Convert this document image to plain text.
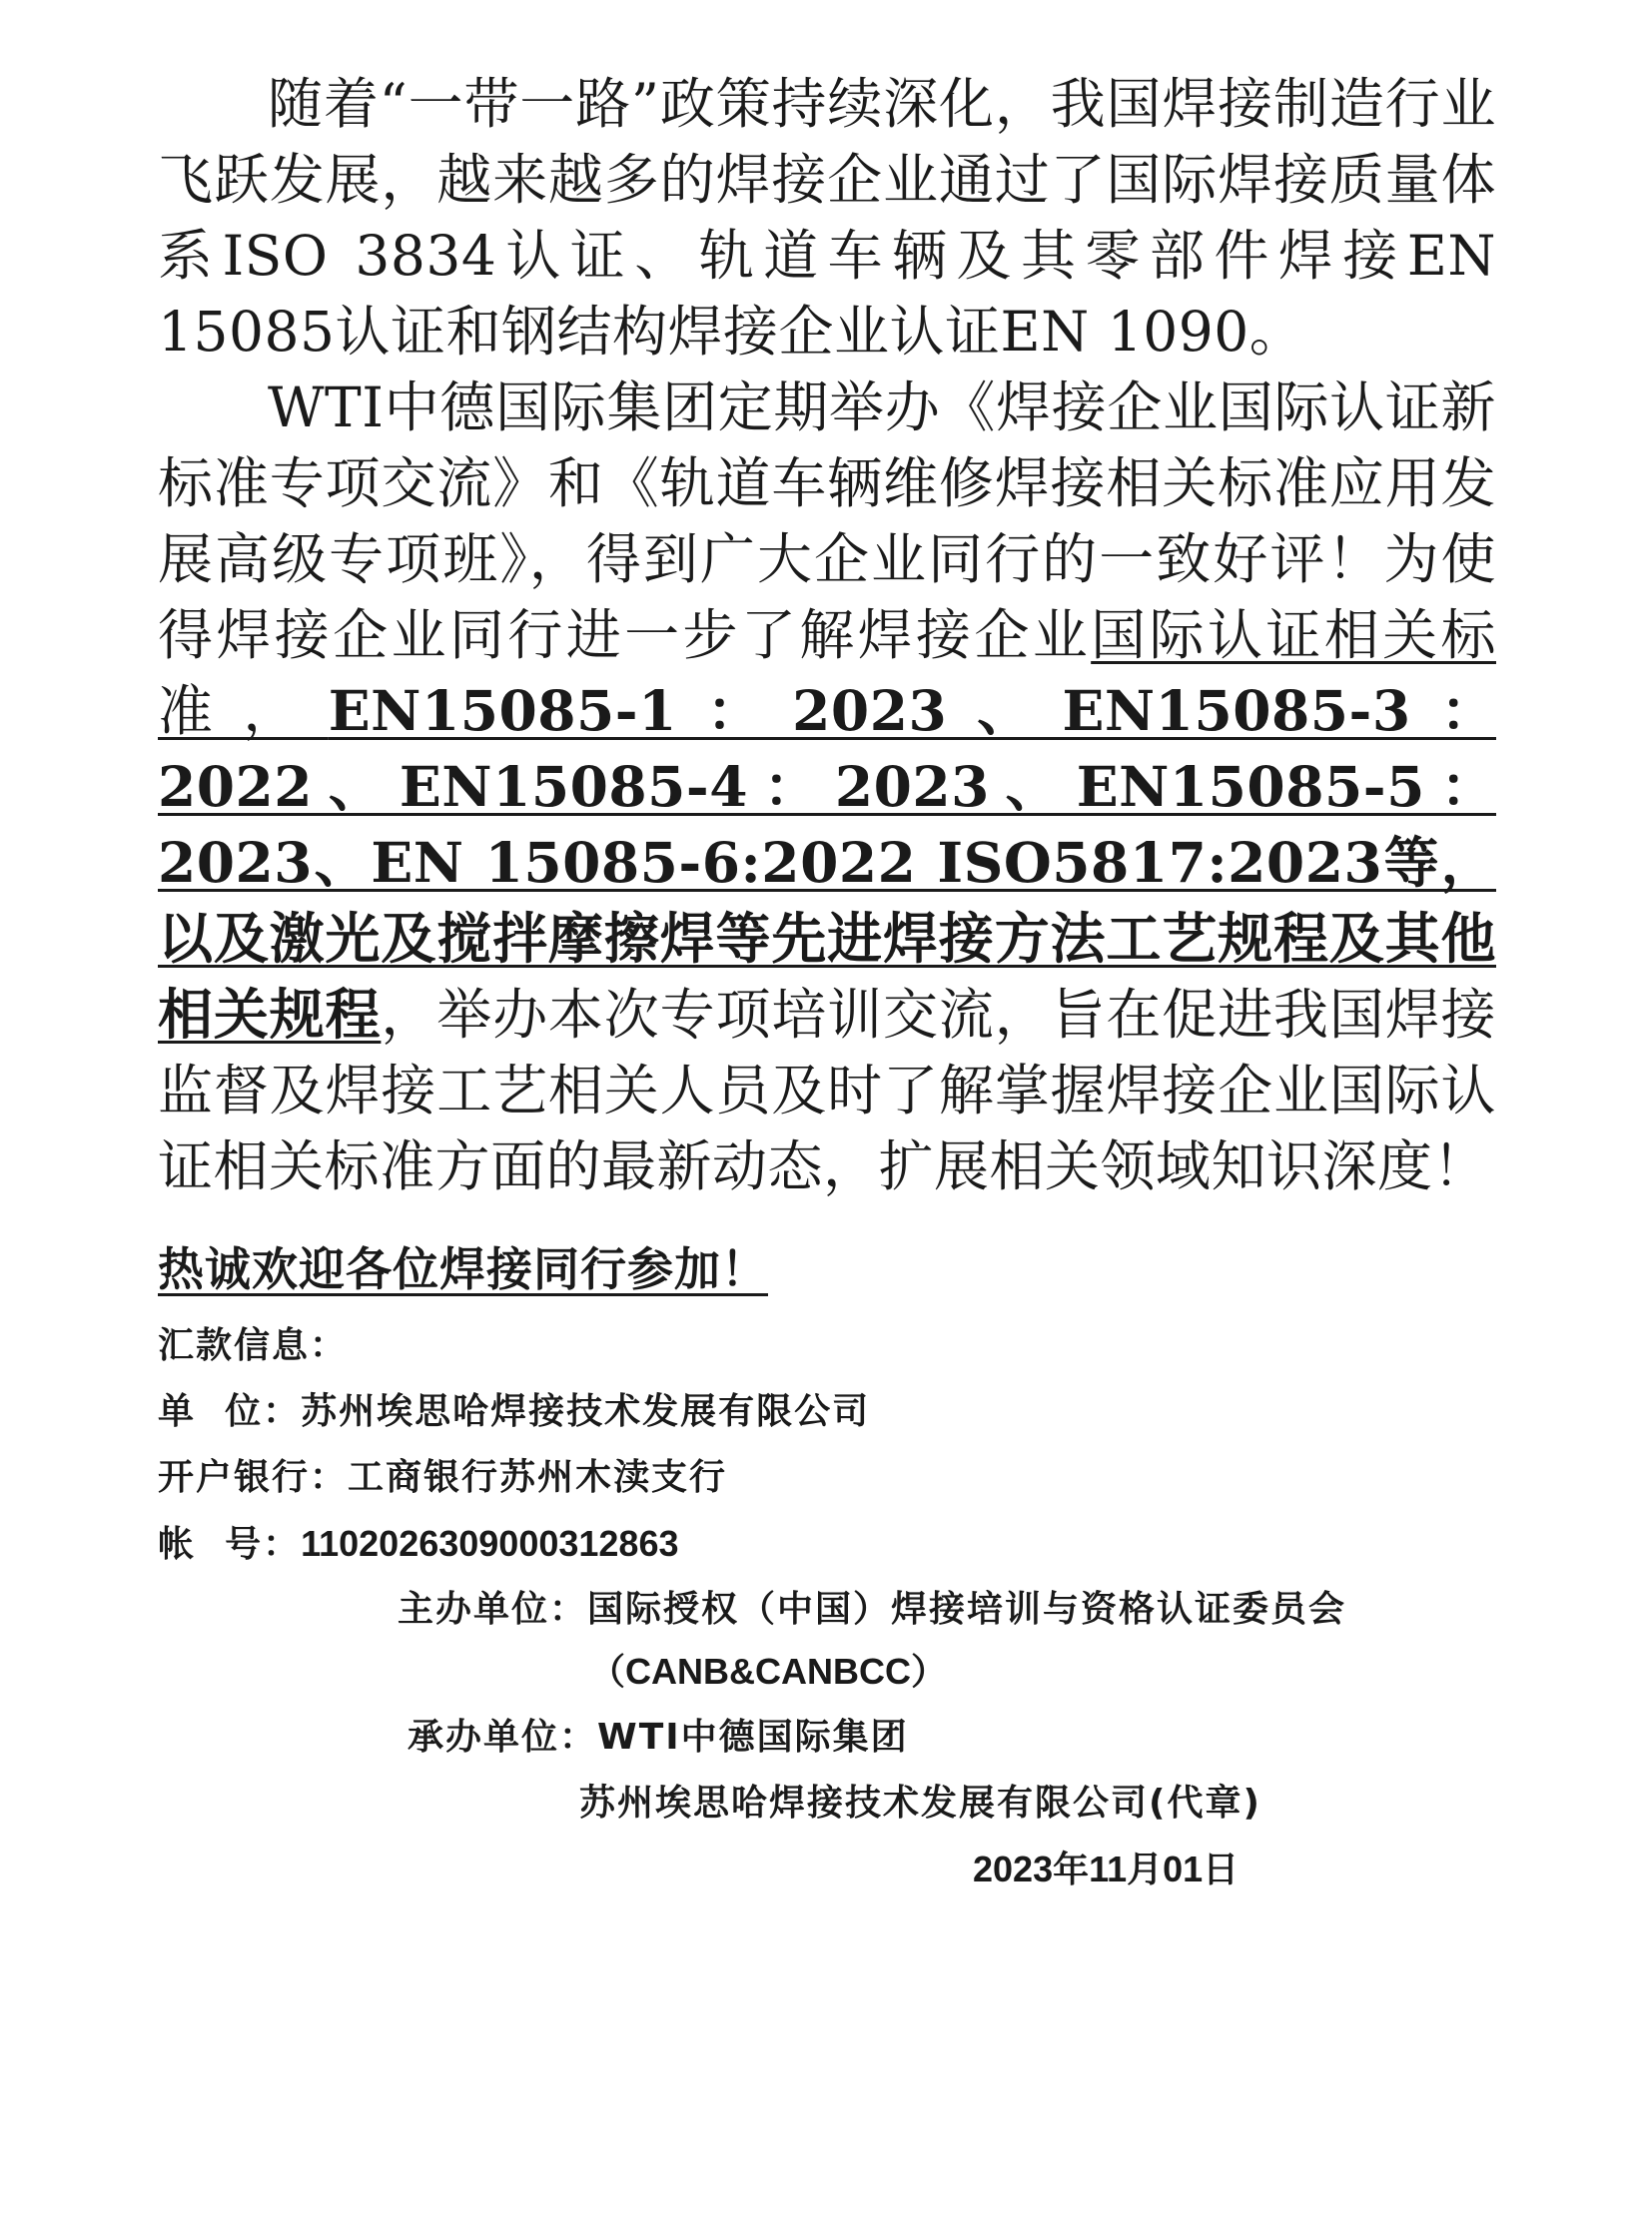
随着“一带一路”政策持续深化，我国焊接制造行业飞跃发展，越来越多的焊接企业通过了国际焊接质量体系ISO 3834认证、轨道车辆及其零部件焊接EN 15085认证和钢结构焊接企业认证EN 1090。

WTI中德国际集团定期举办《焊接企业国际认证新标准专项交流》和《轨道车辆维修焊接相关标准应用发展高级专项班》，得到广大企业同行的一致好评！为使得焊接企业同行进一步了解焊接企业国际认证相关标准，EN15085-1：2023、EN15085-3：2022、EN15085-4：2023、EN15085-5：2023、EN 15085-6:2022 ISO5817:2023等，以及激光及搅拌摩擦焊等先进焊接方法工艺规程及其他相关规程，举办本次专项培训交流，旨在促进我国焊接监督及焊接工艺相关人员及时了解掌握焊接企业国际认证相关标准方面的最新动态，扩展相关领域知识深度！

热诚欢迎各位焊接同行参加！
汇款信息：
单  位：苏州埃思哈焊接技术发展有限公司
开户银行：工商银行苏州木渎支行
帐  号：1102026309000312863
主办单位：国际授权（中国）焊接培训与资格认证委员会
（CANB&CANBCC）
承办单位：WTI中德国际集团
苏州埃思哈焊接技术发展有限公司(代章)
2023年11月01日
